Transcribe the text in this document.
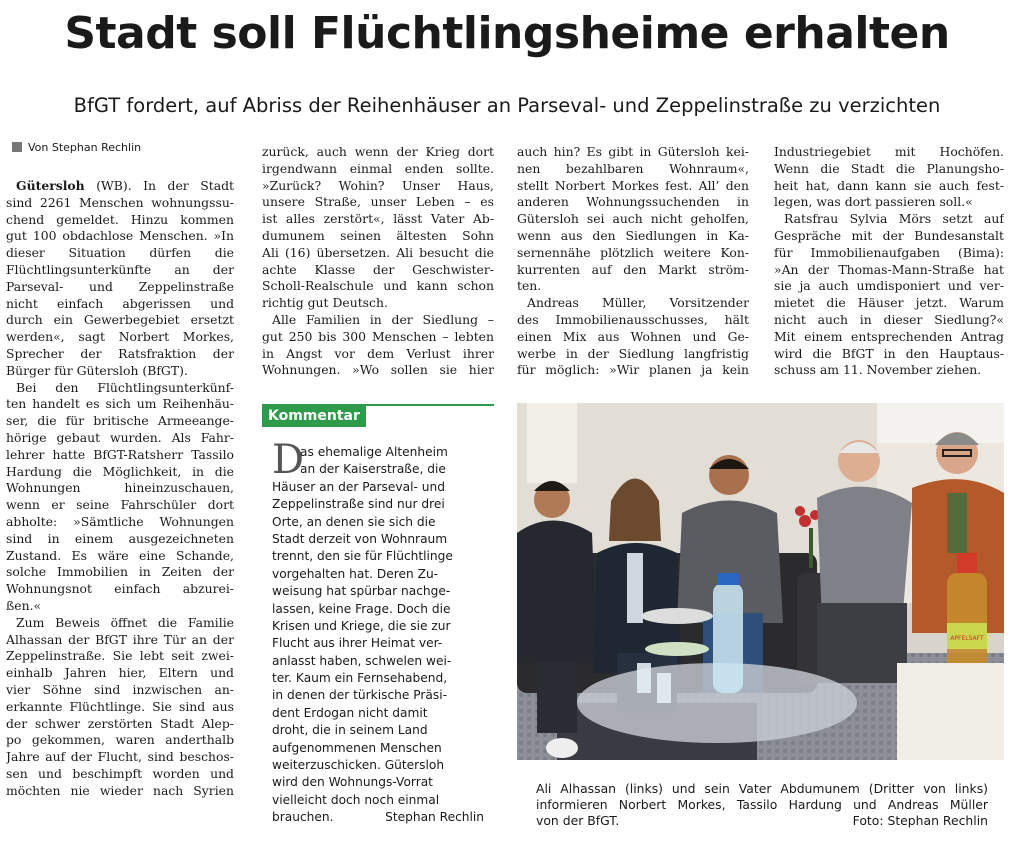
Stadt soll Flüchtlingsheime erhalten
BfGT fordert, auf Abriss der Reihenhäuser an Parseval- und Zeppelinstraße zu verzichten
Von Stephan Rechlin
Gütersloh (WB). In der Stadt
sind 2261 Menschen wohnungssu-
chend gemeldet. Hinzu kommen
gut 100 obdachlose Menschen. »In
dieser Situation dürfen die
Flüchtlingsunterkünfte an der
Parseval- und Zeppelinstraße
nicht einfach abgerissen und
durch ein Gewerbegebiet ersetzt
werden«, sagt Norbert Morkes,
Sprecher der Ratsfraktion der
Bürger für Gütersloh (BfGT).
Bei den Flüchtlingsunterkünf-
ten handelt es sich um Reihenhäu-
ser, die für britische Armeeange-
hörige gebaut wurden. Als Fahr-
lehrer hatte BfGT-Ratsherr Tassilo
Hardung die Möglichkeit, in die
Wohnungen hineinzuschauen,
wenn er seine Fahrschüler dort
abholte: »Sämtliche Wohnungen
sind in einem ausgezeichneten
Zustand. Es wäre eine Schande,
solche Immobilien in Zeiten der
Wohnungsnot einfach abzurei-
ßen.«
Zum Beweis öffnet die Familie
Alhassan der BfGT ihre Tür an der
Zeppelinstraße. Sie lebt seit zwei-
einhalb Jahren hier, Eltern und
vier Söhne sind inzwischen an-
erkannte Flüchtlinge. Sie sind aus
der schwer zerstörten Stadt Alep-
po gekommen, waren anderthalb
Jahre auf der Flucht, sind beschos-
sen und beschimpft worden und
möchten nie wieder nach Syrien
zurück, auch wenn der Krieg dort
irgendwann einmal enden sollte.
»Zurück? Wohin? Unser Haus,
unsere Straße, unser Leben – es
ist alles zerstört«, lässt Vater Ab-
dumunem seinen ältesten Sohn
Ali (16) übersetzen. Ali besucht die
achte Klasse der Geschwister-
Scholl-Realschule und kann schon
richtig gut Deutsch.
Alle Familien in der Siedlung –
gut 250 bis 300 Menschen – lebten
in Angst vor dem Verlust ihrer
Wohnungen. »Wo sollen sie hier
auch hin? Es gibt in Gütersloh kei-
nen bezahlbaren Wohnraum«,
stellt Norbert Morkes fest. All’ den
anderen Wohnungssuchenden in
Gütersloh sei auch nicht geholfen,
wenn aus den Siedlungen in Ka-
sernennähe plötzlich weitere Kon-
kurrenten auf den Markt ström-
ten.
Andreas Müller, Vorsitzender
des Immobilienausschusses, hält
einen Mix aus Wohnen und Ge-
werbe in der Siedlung langfristig
für möglich: »Wir planen ja kein
Industriegebiet mit Hochöfen.
Wenn die Stadt die Planungsho-
heit hat, dann kann sie auch fest-
legen, was dort passieren soll.«
Ratsfrau Sylvia Mörs setzt auf
Gespräche mit der Bundesanstalt
für Immobilienaufgaben (Bima):
»An der Thomas-Mann-Straße hat
sie ja auch umdisponiert und ver-
mietet die Häuser jetzt. Warum
nicht auch in dieser Siedlung?«
Mit einem entsprechenden Antrag
wird die BfGT in den Hauptaus-
schuss am 11. November ziehen.
Kommentar
D
as ehemalige Altenheim
an der Kaiserstraße, die
Häuser an der Parseval- und
Zeppelinstraße sind nur drei
Orte, an denen sie sich die
Stadt derzeit von Wohnraum
trennt, den sie für Flüchtlinge
vorgehalten hat. Deren Zu-
weisung hat spürbar nachge-
lassen, keine Frage. Doch die
Krisen und Kriege, die sie zur
Flucht aus ihrer Heimat ver-
anlasst haben, schwelen wei-
ter. Kaum ein Fernsehabend,
in denen der türkische Präsi-
dent Erdogan nicht damit
droht, die in seinem Land
aufgenommenen Menschen
weiterzuschicken. Gütersloh
wird den Wohnungs-Vorrat
vielleicht doch noch einmal
brauchen.	Stephan Rechlin
APFELSAFT
Ali Alhassan (links) und sein Vater Abdumunem (Dritter von links)
informieren Norbert Morkes, Tassilo Hardung und Andreas Müller
von der BfGT.	Foto: Stephan Rechlin
